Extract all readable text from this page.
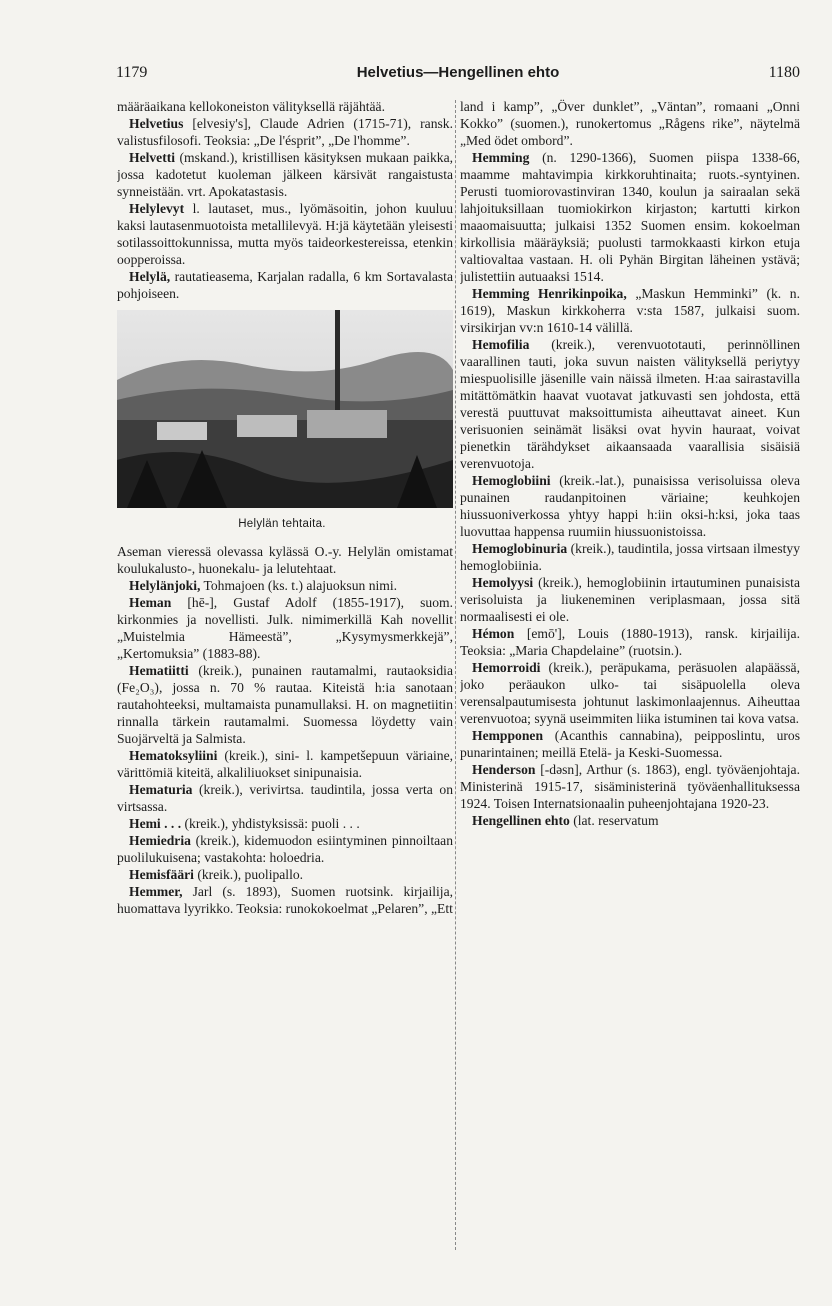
1179	Helvetius—Hengellinen ehto	1180

määräaikana kellokoneiston välityksellä räjähtää.

Helvetius [elvesiy's], Claude Adrien (1715-71), ransk. valistusfilosofi. Teoksia: „De l'ésprit”, „De l'homme”.

Helvetti (mskand.), kristillisen käsityksen mukaan paikka, jossa kadotetut kuoleman jälkeen kärsivät rangaistusta synneistään. vrt. Apokatastasis.

Helylevyt l. lautaset, mus., lyömäsoitin, johon kuuluu kaksi lautasenmuotoista metallilevyä. H:jä käytetään yleisesti sotilassoittokunnissa, mutta myös taideorkestereissa, etenkin oopperoissa.

Helylä, rautatieasema, Karjalan radalla, 6 km Sortavalasta pohjoiseen.

Helylän tehtaita.

Aseman vieressä olevassa kylässä O.-y. Helylän omistamat koulukalusto-, huonekalu- ja lelutehtaat.

Helylänjoki, Tohmajoen (ks. t.) alajuoksun nimi.

Heman [hē-], Gustaf Adolf (1855-1917), suom. kirkonmies ja novellisti. Julk. nimimerkillä Kah novellit „Muistelmia Hämeestä”, „Kysymysmerkkejä”, „Kertomuksia” (1883-88).

Hematiitti (kreik.), punainen rautamalmi, rautaoksidia (Fe₂O₃), jossa n. 70 % rautaa. Kiteistä h:ia sanotaan rautahohteeksi, multamaista punamullaksi. H. on magnetiitin rinnalla tärkein rautamalmi. Suomessa löydetty vain Suojärveltä ja Salmista.

Hematoksyliini (kreik.), sini- l. kampetšepuun väriaine, värittömiä kiteitä, alkaliliuokset sinipunaisia.

Hematuria (kreik.), verivirtsa. taudintila, jossa verta on virtsassa.

Hemi . . . (kreik.), yhdistyksissä: puoli . . .

Hemiedria (kreik.), kidemuodon esiintyminen pinnoiltaan puolilukuisena; vastakohta: holoedria.

Hemisfääri (kreik.), puolipallo.

Hemmer, Jarl (s. 1893), Suomen ruotsink. kirjailija, huomattava lyyrikko. Teoksia: runokokoelmat „Pelaren”, „Ett

land i kamp”, „Över dunklet”, „Väntan”, romaani „Onni Kokko” (suomen.), runokertomus „Rågens rike”, näytelmä „Med ödet ombord”.

Hemming (n. 1290-1366), Suomen piispa 1338-66, maamme mahtavimpia kirkkoruhtinaita; ruots.-syntyinen. Perusti tuomiorovastinviran 1340, koulun ja sairaalan sekä lahjoituksillaan tuomiokirkon kirjaston; kartutti kirkon maaomaisuutta; julkaisi 1352 Suomen ensim. kokoelman kirkollisia määräyksiä; puolusti tarmokkaasti kirkon etuja valtiovaltaa vastaan. H. oli Pyhän Birgitan läheinen ystävä; julistettiin autuaaksi 1514.

Hemming Henrikinpoika, „Maskun Hemminki” (k. n. 1619), Maskun kirkkoherra v:sta 1587, julkaisi suom. virsikirjan vv:n 1610-14 välillä.

Hemofilia (kreik.), verenvuototauti, perinnöllinen vaarallinen tauti, joka suvun naisten välityksellä periytyy miespuolisille jäsenille vain näissä ilmeten. H:aa sairastavilla mitättömätkin haavat vuotavat jatkuvasti sen johdosta, että verestä puuttuvat maksoittumista aiheuttavat aineet. Kun verisuonien seinämät lisäksi ovat hyvin hauraat, voivat pienetkin tärähdykset aikaansaada vaarallisia sisäisiä verenvuotoja.

Hemoglobiini (kreik.-lat.), punaisissa verisoluissa oleva punainen raudanpitoinen väriaine; keuhkojen hiussuoniverkossa yhtyy happi h:iin oksi-h:ksi, joka taas luovuttaa happensa ruumiin hiussuonistoissa.

Hemoglobinuria (kreik.), taudintila, jossa virtsaan ilmestyy hemoglobiinia.

Hemolyysi (kreik.), hemoglobiinin irtautuminen punaisista verisoluista ja liukeneminen veriplasmaan, jossa sitä normaalisesti ei ole.

Hémon [emō'], Louis (1880-1913), ransk. kirjailija. Teoksia: „Maria Chapdelaine” (ruotsin.).

Hemorroidi (kreik.), peräpukama, peräsuolen alapäässä, joko peräaukon ulko- tai sisäpuolella oleva verensalpautumisesta johtunut laskimonlaajennus. Aiheuttaa verenvuotoa; syynä useimmiten liika istuminen tai kova vatsa.

Hempponen (Acanthis cannabina), peipposlintu, uros punarintainen; meillä Etelä- ja Keski-Suomessa.

Henderson [-dəsn], Arthur (s. 1863), engl. työväenjohtaja. Ministerinä 1915-17, sisäministerinä työväenhallituksessa 1924. Toisen Internatsionaalin puheenjohtajana 1920-23.

Hengellinen ehto (lat. reservatum
